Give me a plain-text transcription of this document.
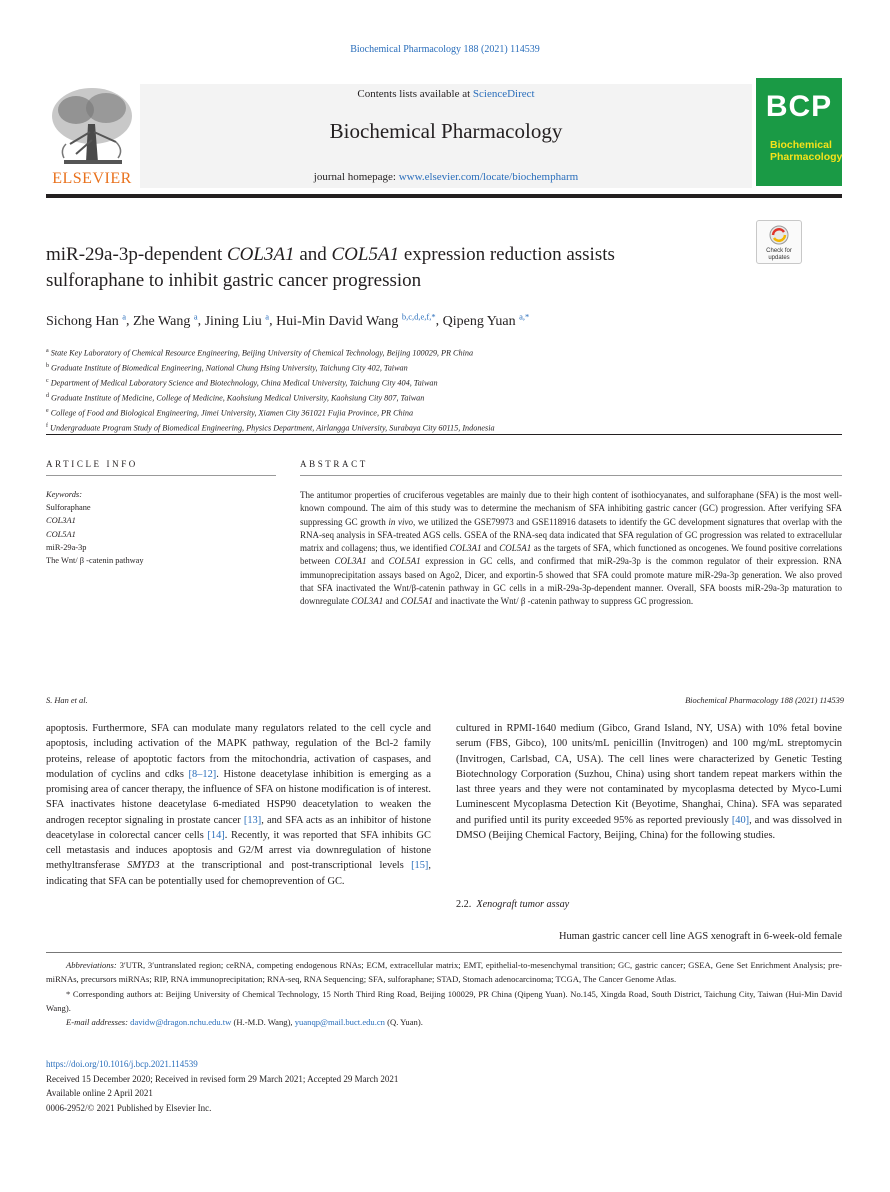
Biochemical Pharmacology 188 (2021) 114539
ELSEVIER
Contents lists available at ScienceDirect
Biochemical Pharmacology
journal homepage: www.elsevier.com/locate/biochempharm
BCP
Biochemical
Pharmacology
Check for
updates
miR-29a-3p-dependent COL3A1 and COL5A1 expression reduction assists
sulforaphane to inhibit gastric cancer progression
Sichong Han $^a$, Zhe Wang $^a$, Jining Liu $^a$, Hui-Min David Wang $^{b,c,d,e,f,*}$, Qipeng Yuan $^{a,*}$
$^a$ State Key Laboratory of Chemical Resource Engineering, Beijing University of Chemical Technology, Beijing 100029, PR China
$^b$ Graduate Institute of Biomedical Engineering, National Chung Hsing University, Taichung City 402, Taiwan
$^c$ Department of Medical Laboratory Science and Biotechnology, China Medical University, Taichung City 404, Taiwan
$^d$ Graduate Institute of Medicine, College of Medicine, Kaohsiung Medical University, Kaohsiung City 807, Taiwan
$^e$ College of Food and Biological Engineering, Jimei University, Xiamen City 361021 Fujia Province, PR China
$^f$ Undergraduate Program Study of Biomedical Engineering, Physics Department, Airlangga University, Surabaya City 60115, Indonesia
ARTICLE INFO
Keywords:
Sulforaphane
COL3A1
COL5A1
miR-29a-3p
The Wnt/ β -catenin pathway
ABSTRACT
The antitumor properties of cruciferous vegetables are mainly due to their high content of isothiocyanates, and sulforaphane (SFA) is the most well-known compound. The aim of this study was to determine the mechanism of SFA inhibiting gastric cancer (GC) progression. After verifying SFA suppressing GC growth in vivo, we utilized the GSE79973 and GSE118916 datasets to identify the GC development signatures that overlap with the RNA-seq analysis in SFA-treated AGS cells. GSEA of the RNA-seq data indicated that SFA regulation of GC progression was related to extracellular matrix and collagens; thus, we identified COL3A1 and COL5A1 as the targets of SFA, which functioned as oncogenes. We found positive correlations between COL3A1 and COL5A1 expression in GC cells, and confirmed that miR-29a-3p is the common regulator of their expression. RNA immunoprecipitation assays based on Ago2, Dicer, and exportin-5 showed that SFA could promote mature miR-29a-3p generation. We also proved that SFA inactivated the Wnt/β-catenin pathway in GC cells in a miR-29a-3p-dependent manner. Overall, SFA boosts miR-29a-3p maturation to downregulate COL3A1 and COL5A1 and inactivate the Wnt/ β -catenin pathway to suppress GC progression.
S. Han et al.	Biochemical Pharmacology 188 (2021) 114539
apoptosis. Furthermore, SFA can modulate many regulators related to the cell cycle and apoptosis, including activation of the MAPK pathway, regulation of the Bcl-2 family proteins, release of apoptotic factors from the mitochondria, activation of caspases, and modulation of cyclins and cdks [8–12]. Histone deacetylase inhibition is emerging as a promising area of cancer therapy, the influence of SFA on histone modification is of interest. SFA inactivates histone deacetylase 6-mediated HSP90 deacetylation to weaken the androgen receptor signaling in prostate cancer [13], and SFA acts as an inhibitor of histone deacetylase in colorectal cancer cells [14]. Recently, it was reported that SFA inhibits GC cell metastasis and induces apoptosis and G2/M arrest via downregulation of histone methyltransferase SMYD3 at the transcriptional and post-transcriptional levels [15], indicating that SFA can be potentially used for chemoprevention of GC.
cultured in RPMI-1640 medium (Gibco, Grand Island, NY, USA) with 10% fetal bovine serum (FBS, Gibco), 100 units/mL penicillin (Invitrogen) and 100 mg/mL streptomycin (Invitrogen, Carlsbad, CA, USA). The cell lines were characterized by Genetic Testing Biotechnology Corporation (Suzhou, China) using short tandem repeat markers within the last three years and they were not contaminated by mycoplasma detected by Myco-Lumi Luminescent Mycoplasma Detection Kit (Beyotime, Shanghai, China). SFA was separated and purified until its purity exceeded 95% as reported previously [40], and was dissolved in DMSO (Beijing Chemical Factory, Beijing, China) for the following studies.
2.2. Xenograft tumor assay
Human gastric cancer cell line AGS xenograft in 6-week-old female
Abbreviations: 3′UTR, 3′untranslated region; ceRNA, competing endogenous RNAs; ECM, extracellular matrix; EMT, epithelial-to-mesenchymal transition; GC, gastric cancer; GSEA, Gene Set Enrichment Analysis; pre-miRNAs, precursors miRNAs; RIP, RNA immunoprecipitation; RNA-seq, RNA Sequencing; SFA, sulforaphane; STAD, Stomach adenocarcinoma; TCGA, The Cancer Genome Atlas.
* Corresponding authors at: Beijing University of Chemical Technology, 15 North Third Ring Road, Beijing 100029, PR China (Qipeng Yuan). No.145, Xingda Road, South District, Taichung City, Taiwan (Hui-Min David Wang).
E-mail addresses: davidw@dragon.nchu.edu.tw (H.-M.D. Wang), yuanqp@mail.buct.edu.cn (Q. Yuan).
https://doi.org/10.1016/j.bcp.2021.114539
Received 15 December 2020; Received in revised form 29 March 2021; Accepted 29 March 2021
Available online 2 April 2021
0006-2952/© 2021 Published by Elsevier Inc.
